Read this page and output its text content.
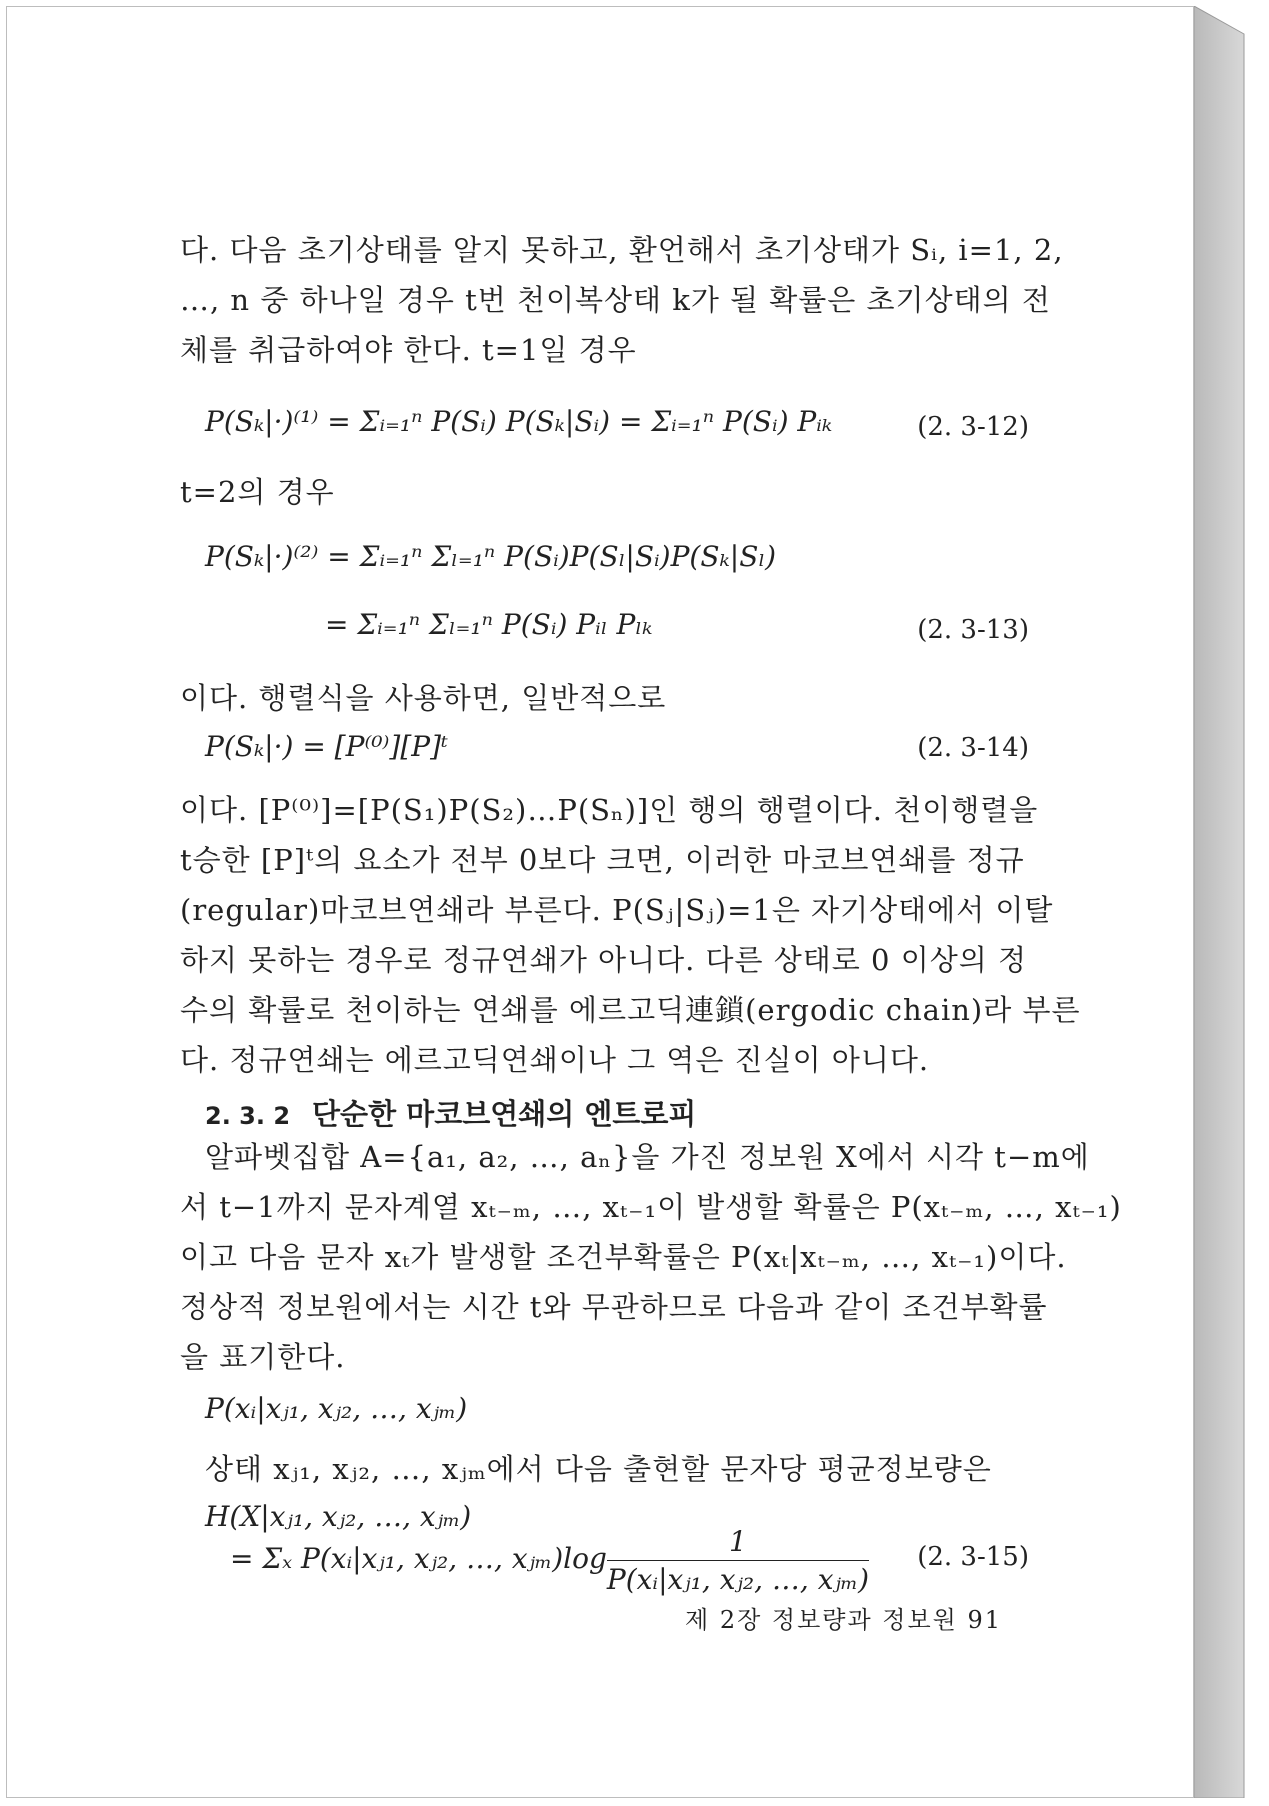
다. 다음 초기상태를 알지 못하고, 환언해서 초기상태가 Sᵢ, i=1, 2,
…, n 중 하나일 경우 t번 천이복상태 k가 될 확률은 초기상태의 전
체를 취급하여야 한다. t=1일 경우
P(Sₖ|·)⁽¹⁾ = Σᵢ₌₁ⁿ P(Sᵢ) P(Sₖ|Sᵢ) = Σᵢ₌₁ⁿ P(Sᵢ) Pᵢₖ	(2. 3-12)
t=2의 경우
P(Sₖ|·)⁽²⁾ = Σᵢ₌₁ⁿ Σₗ₌₁ⁿ P(Sᵢ)P(Sₗ|Sᵢ)P(Sₖ|Sₗ)
= Σᵢ₌₁ⁿ Σₗ₌₁ⁿ P(Sᵢ) Pᵢₗ Pₗₖ	(2. 3-13)
이다. 행렬식을 사용하면, 일반적으로
P(Sₖ|·) = [P⁽⁰⁾][P]ᵗ	(2. 3-14)
이다. [P⁽⁰⁾]=[P(S₁)P(S₂)…P(Sₙ)]인 행의 행렬이다. 천이행렬을
t승한 [P]ᵗ의 요소가 전부 0보다 크면, 이러한 마코브연쇄를 정규
(regular)마코브연쇄라 부른다. P(Sⱼ|Sⱼ)=1은 자기상태에서 이탈
하지 못하는 경우로 정규연쇄가 아니다. 다른 상태로 0 이상의 정
수의 확률로 천이하는 연쇄를 에르고딕連鎖(ergodic chain)라 부른
다. 정규연쇄는 에르고딕연쇄이나 그 역은 진실이 아니다.
2. 3. 2 단순한 마코브연쇄의 엔트로피
알파벳집합 A={a₁, a₂, …, aₙ}을 가진 정보원 X에서 시각 t−m에
서 t−1까지 문자계열 xₜ₋ₘ, …, xₜ₋₁이 발생할 확률은 P(xₜ₋ₘ, …, xₜ₋₁)
이고 다음 문자 xₜ가 발생할 조건부확률은 P(xₜ|xₜ₋ₘ, …, xₜ₋₁)이다.
정상적 정보원에서는 시간 t와 무관하므로 다음과 같이 조건부확률
을 표기한다.
P(xᵢ|xⱼ₁, xⱼ₂, …, xⱼₘ)
상태 xⱼ₁, xⱼ₂, …, xⱼₘ에서 다음 출현할 문자당 평균정보량은
H(X|xⱼ₁, xⱼ₂, …, xⱼₘ)
= Σₓ P(xᵢ|xⱼ₁, xⱼ₂, …, xⱼₘ)log $\frac{1}{\text{P(xᵢ|xⱼ₁, xⱼ₂, …, xⱼₘ)}} (2$. 3-15)
제 2장 정보량과 정보원 91
